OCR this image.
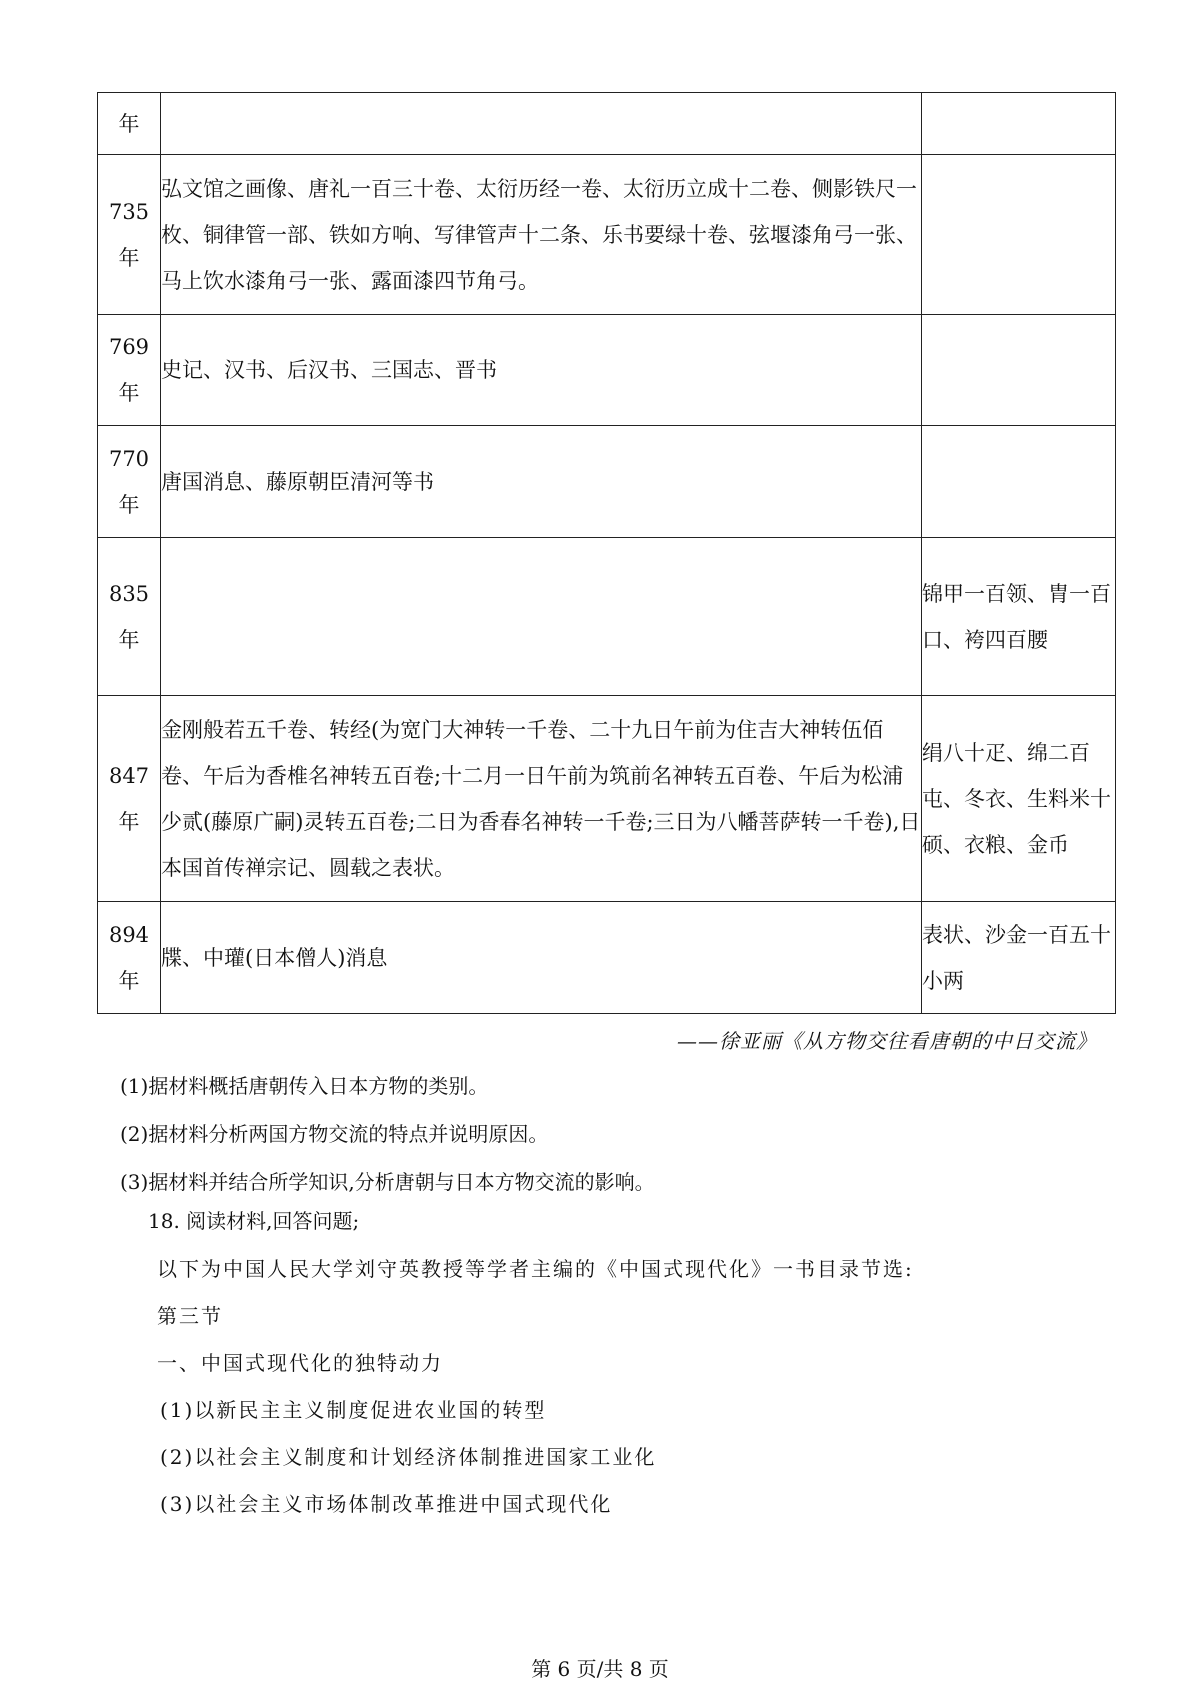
年		

735
年	弘文馆之画像、唐礼一百三十卷、太衍历经一卷、太衍历立成十二卷、侧影铁尺一枚、铜律管一部、铁如方响、写律管声十二条、乐书要绿十卷、弦堰漆角弓一张、马上饮水漆角弓一张、露面漆四节角弓。	

769
年	史记、汉书、后汉书、三国志、晋书	

770
年	唐国消息、藤原朝臣清河等书	

835
年		锦甲一百领、胄一百口、袴四百腰

847
年	金刚般若五千卷、转经(为宽门大神转一千卷、二十九日午前为住吉大神转伍佰卷、午后为香椎名神转五百卷;十二月一日午前为筑前名神转五百卷、午后为松浦少贰(藤原广嗣)灵转五百卷;二日为香春名神转一千卷;三日为八幡菩萨转一千卷),日本国首传禅宗记、圆载之表状。	绢八十疋、绵二百屯、冬衣、生料米十硕、衣粮、金币

894
年	牒、中瓘(日本僧人)消息	表状、沙金一百五十小两
——徐亚丽《从方物交往看唐朝的中日交流》
(1)据材料概括唐朝传入日本方物的类别。
(2)据材料分析两国方物交流的特点并说明原因。
(3)据材料并结合所学知识,分析唐朝与日本方物交流的影响。
18. 阅读材料,回答问题;
以下为中国人民大学刘守英教授等学者主编的《中国式现代化》一书目录节选:
第三节
一、中国式现代化的独特动力
(1)以新民主主义制度促进农业国的转型
(2)以社会主义制度和计划经济体制推进国家工业化
(3)以社会主义市场体制改革推进中国式现代化
第 6 页/共 8 页
